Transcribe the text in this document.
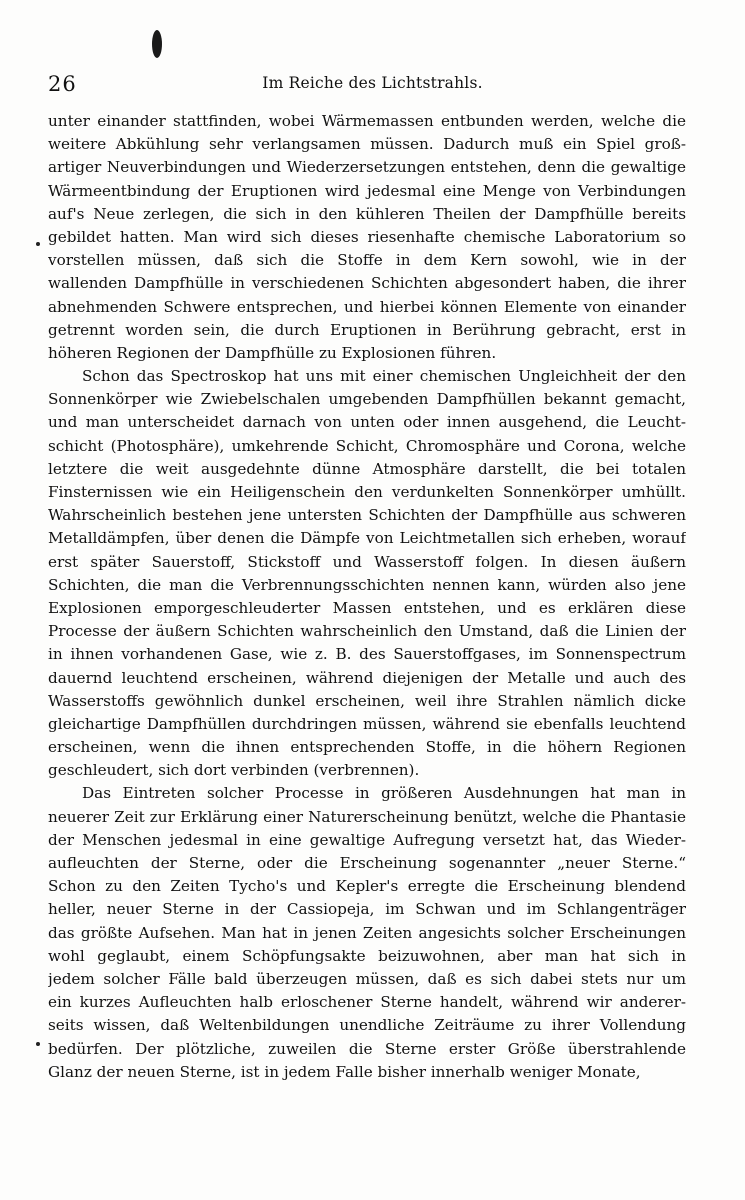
26	Im Reiche des Lichtstrahls.
unter einander stattfinden, wobei Wärmemassen entbunden werden, welche die
weitere Abkühlung sehr verlangsamen müssen. Dadurch muß ein Spiel groß-
artiger Neuverbindungen und Wiederzersetzungen entstehen, denn die gewaltige
Wärmeentbindung der Eruptionen wird jedesmal eine Menge von Verbindungen
auf's Neue zerlegen, die sich in den kühleren Theilen der Dampfhülle bereits
gebildet hatten. Man wird sich dieses riesenhafte chemische Laboratorium so
vorstellen müssen, daß sich die Stoffe in dem Kern sowohl, wie in der
wallenden Dampfhülle in verschiedenen Schichten abgesondert haben, die ihrer
abnehmenden Schwere entsprechen, und hierbei können Elemente von einander
getrennt worden sein, die durch Eruptionen in Berührung gebracht, erst in
höheren Regionen der Dampfhülle zu Explosionen führen.
Schon das Spectroskop hat uns mit einer chemischen Ungleichheit der den
Sonnenkörper wie Zwiebelschalen umgebenden Dampfhüllen bekannt gemacht,
und man unterscheidet darnach von unten oder innen ausgehend, die Leucht-
schicht (Photosphäre), umkehrende Schicht, Chromosphäre und Corona, welche
letztere die weit ausgedehnte dünne Atmosphäre darstellt, die bei totalen
Finsternissen wie ein Heiligenschein den verdunkelten Sonnenkörper umhüllt.
Wahrscheinlich bestehen jene untersten Schichten der Dampfhülle aus schweren
Metalldämpfen, über denen die Dämpfe von Leichtmetallen sich erheben, worauf
erst später Sauerstoff, Stickstoff und Wasserstoff folgen. In diesen äußern
Schichten, die man die Verbrennungsschichten nennen kann, würden also jene
Explosionen emporgeschleuderter Massen entstehen, und es erklären diese
Processe der äußern Schichten wahrscheinlich den Umstand, daß die Linien der
in ihnen vorhandenen Gase, wie z. B. des Sauerstoffgases, im Sonnenspectrum
dauernd leuchtend erscheinen, während diejenigen der Metalle und auch des
Wasserstoffs gewöhnlich dunkel erscheinen, weil ihre Strahlen nämlich dicke
gleichartige Dampfhüllen durchdringen müssen, während sie ebenfalls leuchtend
erscheinen, wenn die ihnen entsprechenden Stoffe, in die höhern Regionen
geschleudert, sich dort verbinden (verbrennen).
Das Eintreten solcher Processe in größeren Ausdehnungen hat man in
neuerer Zeit zur Erklärung einer Naturerscheinung benützt, welche die Phantasie
der Menschen jedesmal in eine gewaltige Aufregung versetzt hat, das Wieder-
aufleuchten der Sterne, oder die Erscheinung sogenannter „neuer Sterne.“
Schon zu den Zeiten Tycho's und Kepler's erregte die Erscheinung blendend
heller, neuer Sterne in der Cassiopeja, im Schwan und im Schlangenträger
das größte Aufsehen. Man hat in jenen Zeiten angesichts solcher Erscheinungen
wohl geglaubt, einem Schöpfungsakte beizuwohnen, aber man hat sich in
jedem solcher Fälle bald überzeugen müssen, daß es sich dabei stets nur um
ein kurzes Aufleuchten halb erloschener Sterne handelt, während wir anderer-
seits wissen, daß Weltenbildungen unendliche Zeiträume zu ihrer Vollendung
bedürfen. Der plötzliche, zuweilen die Sterne erster Größe überstrahlende
Glanz der neuen Sterne, ist in jedem Falle bisher innerhalb weniger Monate,
